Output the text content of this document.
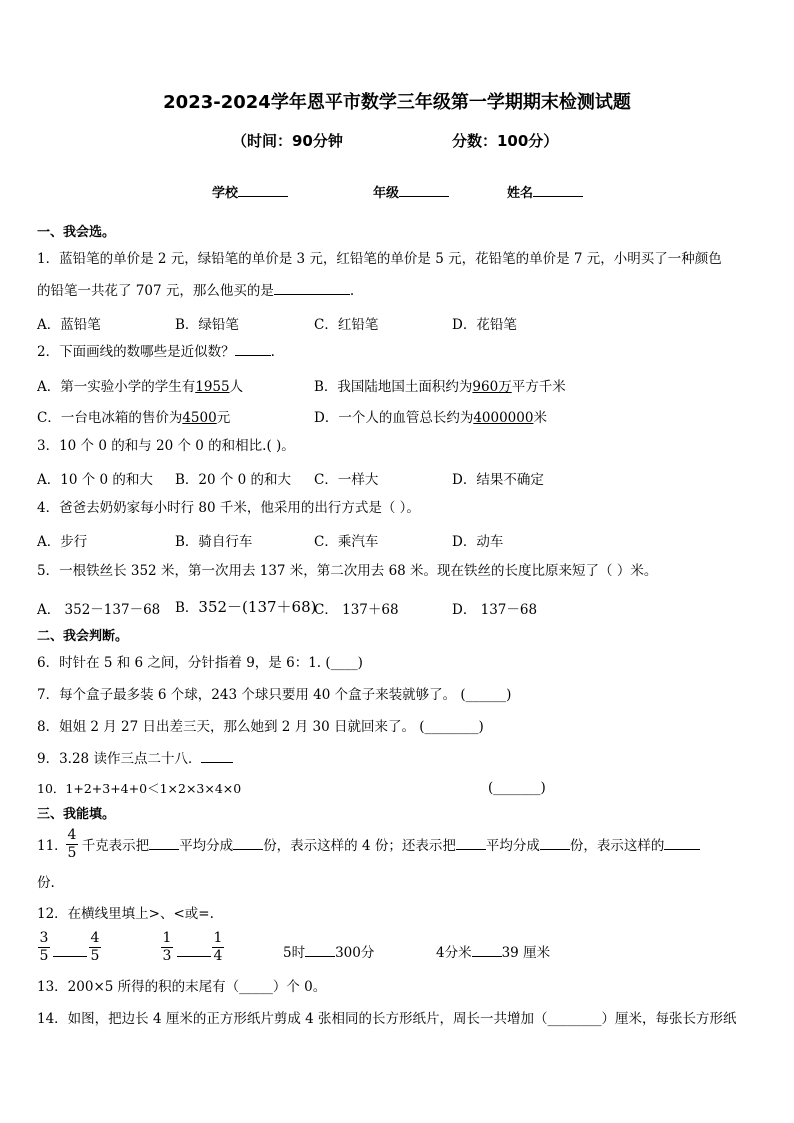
2023-2024学年恩平市数学三年级第一学期期末检测试题
（时间：90分钟	分数：100分）
学校	年级	姓名
一、我会选。
1．蓝铅笔的单价是 2 元，绿铅笔的单价是 3 元，红铅笔的单价是 5 元，花铅笔的单价是 7 元，小明买了一种颜色
的铅笔一共花了 707 元，那么他买的是	.
A．蓝铅笔	B．绿铅笔	C．红铅笔	D．花铅笔
2．下面画线的数哪些是近似数？	.
A．第一实验小学的学生有1955人	B．我国陆地国土面积约为960万平方千米
C．一台电冰箱的售价为4500元	D．一个人的血管总长约为4000000米
3．10 个 0 的和与 20 个 0 的和相比.( )。
A．10 个 0 的和大 B．20 个 0 的和大 C．一样大	D．结果不确定
4．爸爸去奶奶家每小时行 80 千米，他采用的出行方式是（ ）。
A．步行	B．骑自行车	C．乘汽车	D．动车
5．一根铁丝长 352 米，第一次用去 137 米，第二次用去 68 米。现在铁丝的长度比原来短了（ ）米。
A． 352－137－68 B．352－(137＋68)
C． 137＋68	D． 137－68
二、我会判断。
6．时针在 5 和 6 之间，分针指着 9，是 6：1. (____)
7．每个盒子最多装 6 个球，243 个球只要用 40 个盒子来装就够了。 (______)
8．姐姐 2 月 27 日出差三天，那么她到 2 月 30 日就回来了。 (________)
9．3.28 读作三点二十八．
10．1+2+3+4+0＜1×2×3×4×0	(_______)
三、我能填。
11． 千克表示把 平均分成 份，表示这样的 4 份；还表示把 平均分成 份，表示这样的
$\frac{4}{5}$
份.
12．在横线里填上>、<或=.
$\frac{3}{5}$	$\frac{4}{5}$	$\frac{1}{3}$	$\frac{1}{4}$	5时 300分	4分米 39 厘米
13．200×5 所得的积的末尾有（_____）个 0。
14．如图，把边长 4 厘米的正方形纸片剪成 4 张相同的长方形纸片，周长一共增加（________）厘米，每张长方形纸
